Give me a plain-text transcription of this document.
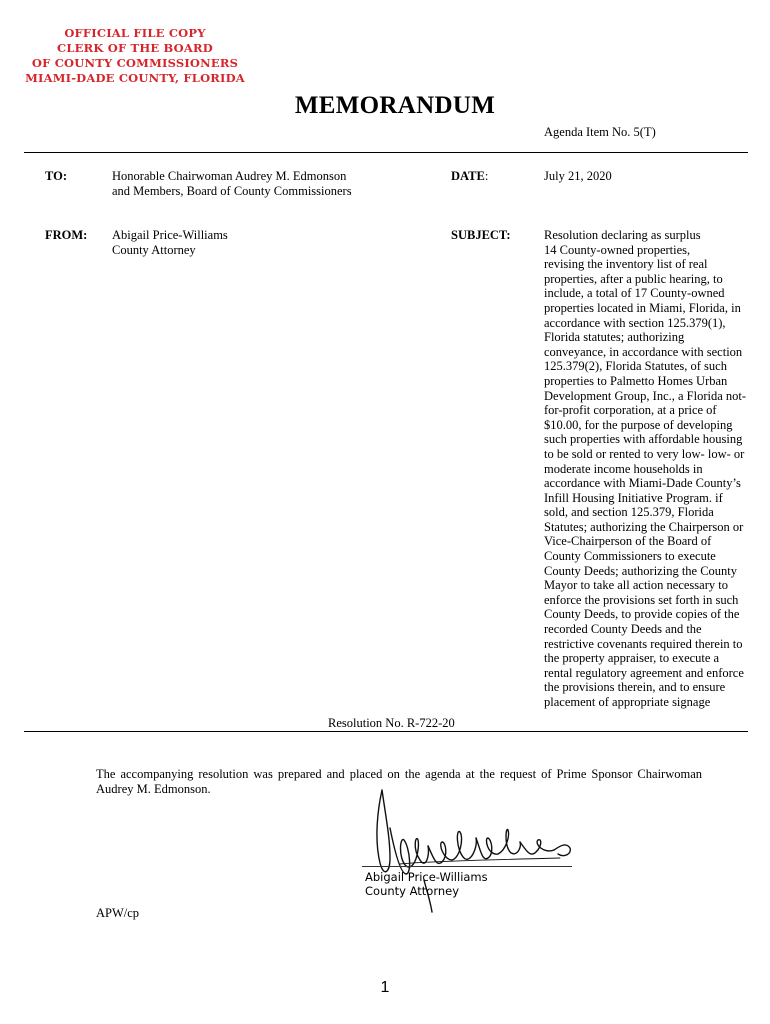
OFFICIAL FILE COPY
CLERK OF THE BOARD
OF COUNTY COMMISSIONERS
MIAMI-DADE COUNTY, FLORIDA
MEMORANDUM
Agenda Item No. 5(T)
TO:	Honorable Chairwoman Audrey M. Edmonson
and Members, Board of County Commissioners
DATE:	July 21, 2020
FROM: Abigail Price-Williams
County Attorney
SUBJECT:	Resolution declaring as surplus
14 County-owned properties,
revising the inventory list of real
properties, after a public hearing, to
include, a total of 17 County-owned
properties located in Miami, Florida, in
accordance with section 125.379(1),
Florida statutes; authorizing
conveyance, in accordance with section
125.379(2), Florida Statutes, of such
properties to Palmetto Homes Urban
Development Group, Inc., a Florida not-
for-profit corporation, at a price of
$10.00, for the purpose of developing
such properties with affordable housing
to be sold or rented to very low- low- or
moderate income households in
accordance with Miami-Dade County’s
Infill Housing Initiative Program. if
sold, and section 125.379, Florida
Statutes; authorizing the Chairperson or
Vice-Chairperson of the Board of
County Commissioners to execute
County Deeds; authorizing the County
Mayor to take all action necessary to
enforce the provisions set forth in such
County Deeds, to provide copies of the
recorded County Deeds and the
restrictive covenants required therein to
the property appraiser, to execute a
rental regulatory agreement and enforce
the provisions therein, and to ensure
placement of appropriate signage
Resolution No. R-722-20
The accompanying resolution was prepared and placed on the agenda at the request of Prime Sponsor Chairwoman Audrey M. Edmonson.
Abigail Price-Williams
County Attorney
APW/cp
1
